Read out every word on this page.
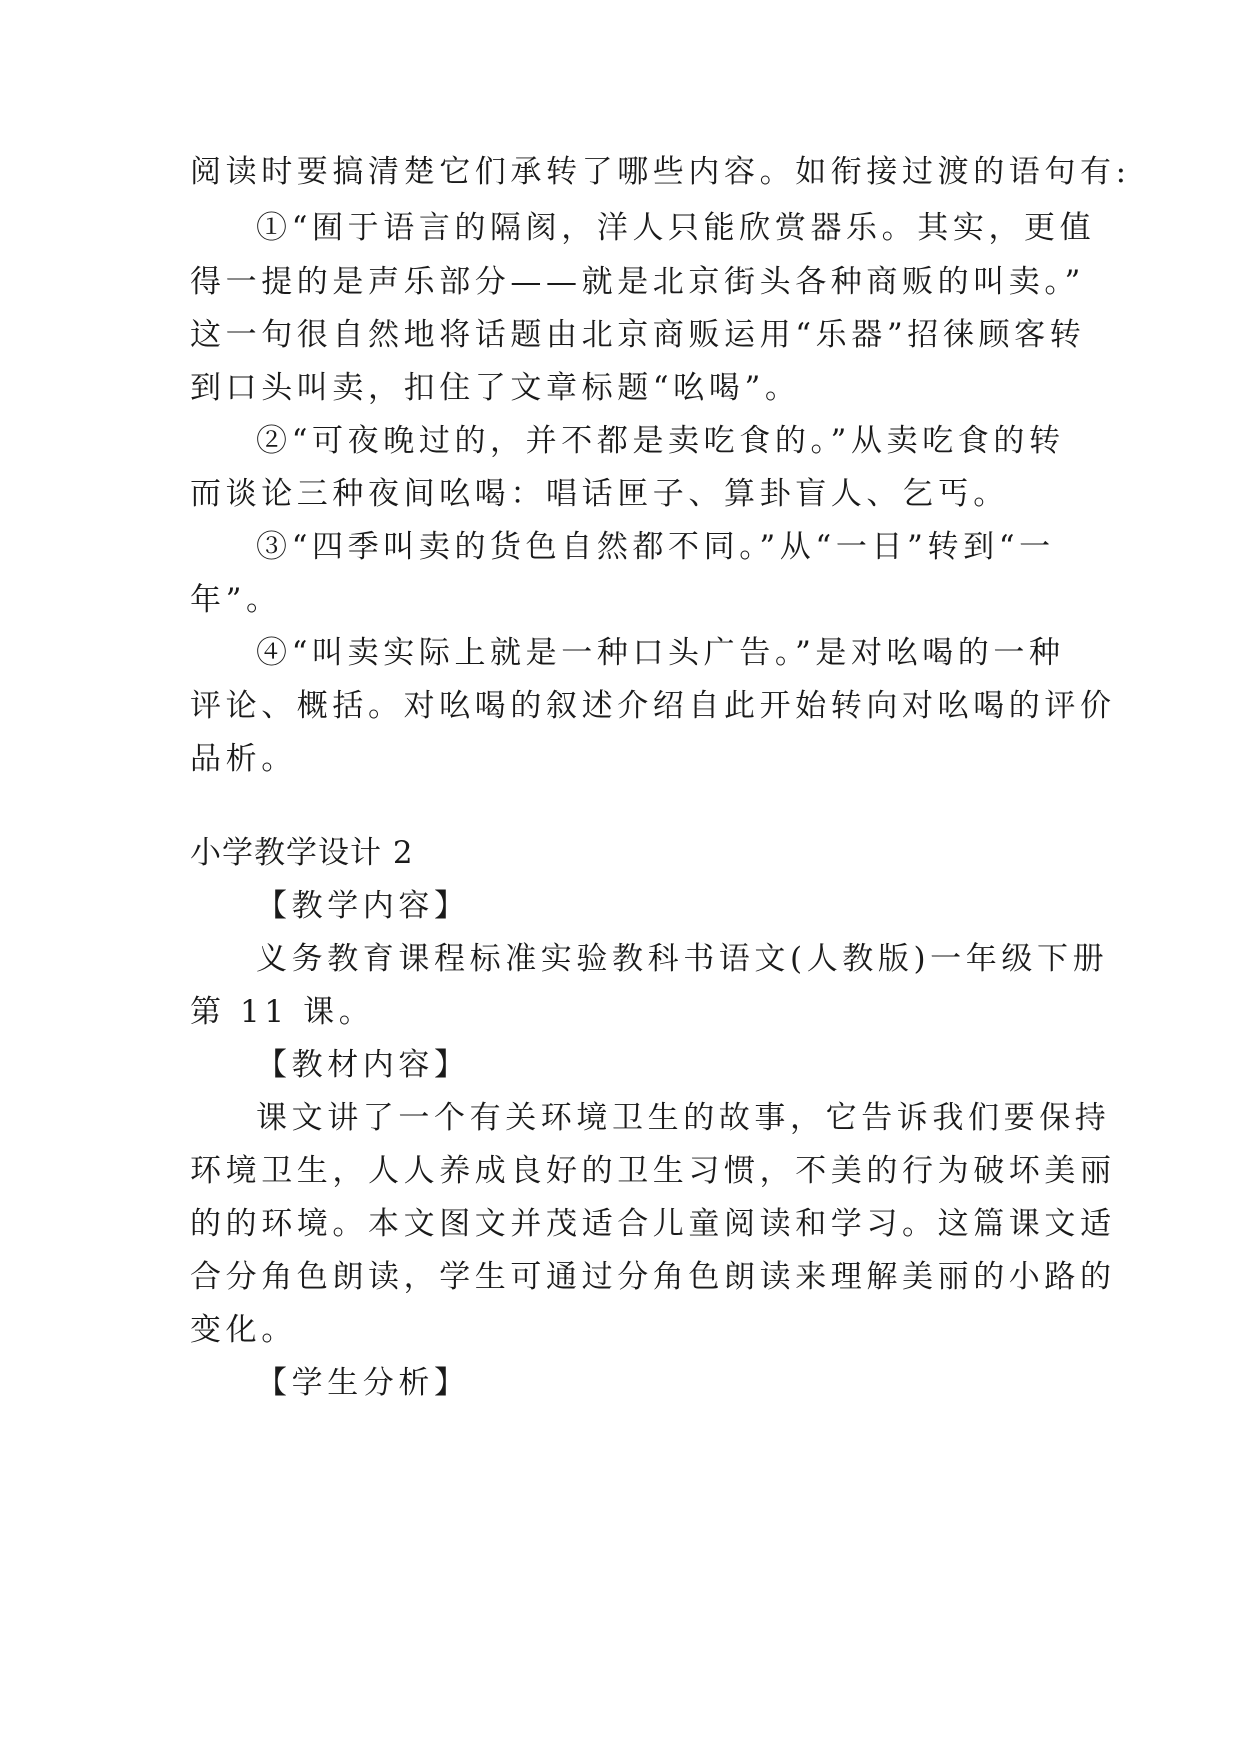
阅读时要搞清楚它们承转了哪些内容。如衔接过渡的语句有:
①“囿于语言的隔阂，洋人只能欣赏器乐。其实，更值
得一提的是声乐部分——就是北京街头各种商贩的叫卖。”
这一句很自然地将话题由北京商贩运用“乐器”招徕顾客转
到口头叫卖，扣住了文章标题“吆喝”。
②“可夜晚过的，并不都是卖吃食的。”从卖吃食的转
而谈论三种夜间吆喝：唱话匣子、算卦盲人、乞丐。
③“四季叫卖的货色自然都不同。”从“一日”转到“一
年”。
④“叫卖实际上就是一种口头广告。”是对吆喝的一种
评论、概括。对吆喝的叙述介绍自此开始转向对吆喝的评价
品析。
小学教学设计 2
【教学内容】
义务教育课程标准实验教科书语文(人教版)一年级下册
第 11 课。
【教材内容】
课文讲了一个有关环境卫生的故事，它告诉我们要保持
环境卫生，人人养成良好的卫生习惯，不美的行为破坏美丽
的的环境。本文图文并茂适合儿童阅读和学习。这篇课文适
合分角色朗读，学生可通过分角色朗读来理解美丽的小路的
变化。
【学生分析】
